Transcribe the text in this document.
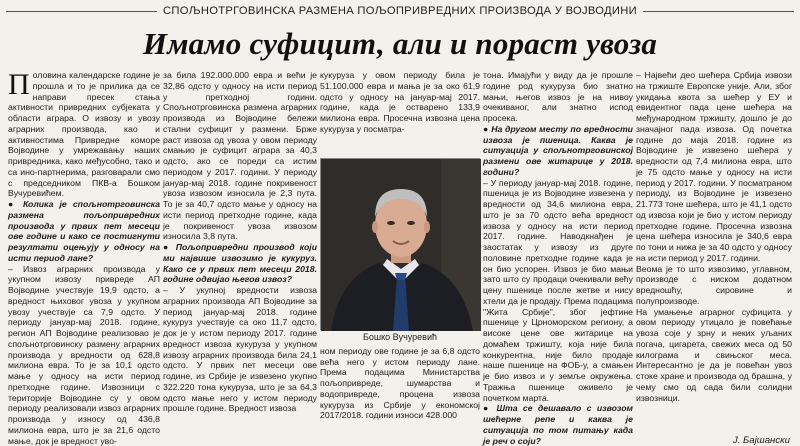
СПОЉНОТРГОВИНСКА РАЗМЕНА ПОЉОПРИВРЕДНИХ ПРОИЗВОДА У ВОЈВОДИНИ
Имамо суфицит, али и пораст увоза
П оловина календарске године је прошла и то је прилика да се направи пресек стања активности привредних субјеката у области аграра. О извозу и увозу аграрних производа, као и активностима Привредне коморе Војводине у умрежавању наших привредника, како међусобно, тако и са ино-партнерима, разговарали смо с председником ПКВ-а Бошком Вучуревићем.

● Колика је спољнотрговинска размена пољопривредних производа у првих пет месеци ове године и како се постигнути резултати оцењују у односу на исти период лане?

– Извоз аграрних производа у укупном извозу привреде АП Војводине учествује 19,9 одсто, а вредност њиховог увоза у укупном увозу учествује са 7,9 одсто. У периоду јануар-мај 2018. године, регион АП Војводине реализовао је спољнотрговинску размену аграрних производа у вредности од 628,8 милиона евра. То је за 10,1 одсто мање у односу на исти период претходне године. Извозници с територије Војводине су у овом периоду реализовали извоз аграрних производа у износу од 436,8 милиона евра, што је за 21,6 одсто мање, док је вредност уво-

за била 192.000.000 евра и већи је 32,86 одсто у односу на исти период у претходној години. Спољнотрговинска размена аграрних производа из Војводине бележи стални суфицит у размени. Брже раст извоза од увоза у овом периоду смањио је суфицит аграра за 40,3 одсто, ако се пореди са истим периодом у 2017. години. У периоду јануар-мај 2018. године покривеност увоза извозом износила је 2,3 пута. То је за 40,7 одсто мање у односу на исти период претходне године, када је покривеност увоза извозом износила 3,8 пута.

● Пољопривредни производ који ми највише извозимо је кукуруз. Како се у првих пет месеци 2018. године одвијао његов извоз?

– У укупној вредности извоза аграрних производа АП Војводине за период јануар-мај 2018. године кукуруз учествује са око 11,7 одсто, док је у истом периоду 2017. године вредност извоза кукуруза у укупном извозу аграрних производа била 24,1 одсто. У првих пет месеци ове године, из Србије је извезено укупно 322.220 тона кукуруза, што је за 64,3 одсто мање него у истом периоду прошле године. Вредност извоза

кукуруза у овом периоду била је 51.100.000 евра и мања је за око 61,9 одсто у односу на јануар-мај 2017. године, када је остварено 133,9 милиона евра. Просечна извозна цена кукуруза у посматра-

Бошко Вучуревић

ном периоду ове године је за 6,8 одсто већа него у истом периоду лане. Према подацима Министарства пољопривреде, шумарства и водопривреде, процена извоза кукуруза из Србије у економској 2017/2018. години износи 428.000

тона. Имајући у виду да је прошле године род кукуруза био знатно мањи, његов извоз је на нивоу очекиваног, али знатно испод просека.

● На другом месту по вредности извоза је пшеница. Каква је ситуација у спољнотрговинској размени ове житарице у 2018. години?

– У периоду јануар-мај 2018. године, пшеница је из Војводине извезена у вредности од 34,6 милиона евра, што је за 70 одсто већа вредност извоза у односу на исти период 2017. године. Наводкнађен је заостатак у извозу из друге половине претходне године када је он био успорен. Извоз је био мањи зато што су продаци очекивали већу цену пшенице после жетве и нису хтели да је продају. Према подацима "Жита Србије", због јефтине пшенице у Црноморском региону, а високе цене ове житарице на домаћем тржишту, која није била конкурентна, није било продаје наше пшенице на ФОБ-у, а смањен је био извоз и у земље окружења. Тражња пшенице оживело је почетком марта.

● Шта се дешавало с извозом шећерне репе и каква је ситуација по том питању када је реч о соји?

– Највећи део шећера Србија извози на тржиште Европске уније. Али, због укидања квота за шећер у ЕУ и евидентног пада цене шећера на међународном тржишту, дошло је до значајног пада извоза. Од почетка године до маја 2018. године из Војводине је извезено шећера у вредности од 7,4 милиона евра, што је 75 одсто мање у односу на исти период у 2017. години. У посматраном периоду, из Војводине је извезено 21.773 тоне шећера, што је 41,1 одсто од извоза који је био у истом периоду претходне године. Просечна извозна цена шећера износила је 340,6 евра по тони и нижа је за 40 одсто у односу на исти период у 2017. години.

Веома је то што извозимо, углавном, производе с ниском додатном вредношћу, сировине и полупроизводе.

На умањење аграрног суфицита у овом периоду утицало је повећање увоза соје у зрну и неких уљаних погача, цигарета, свежих меса од 50 килограма и свињског меса. Интересантно је да је повећан увоз стоке хране и производа од брашна, у чему смо од сада били солидни извозници.

Ј. Бајшански
